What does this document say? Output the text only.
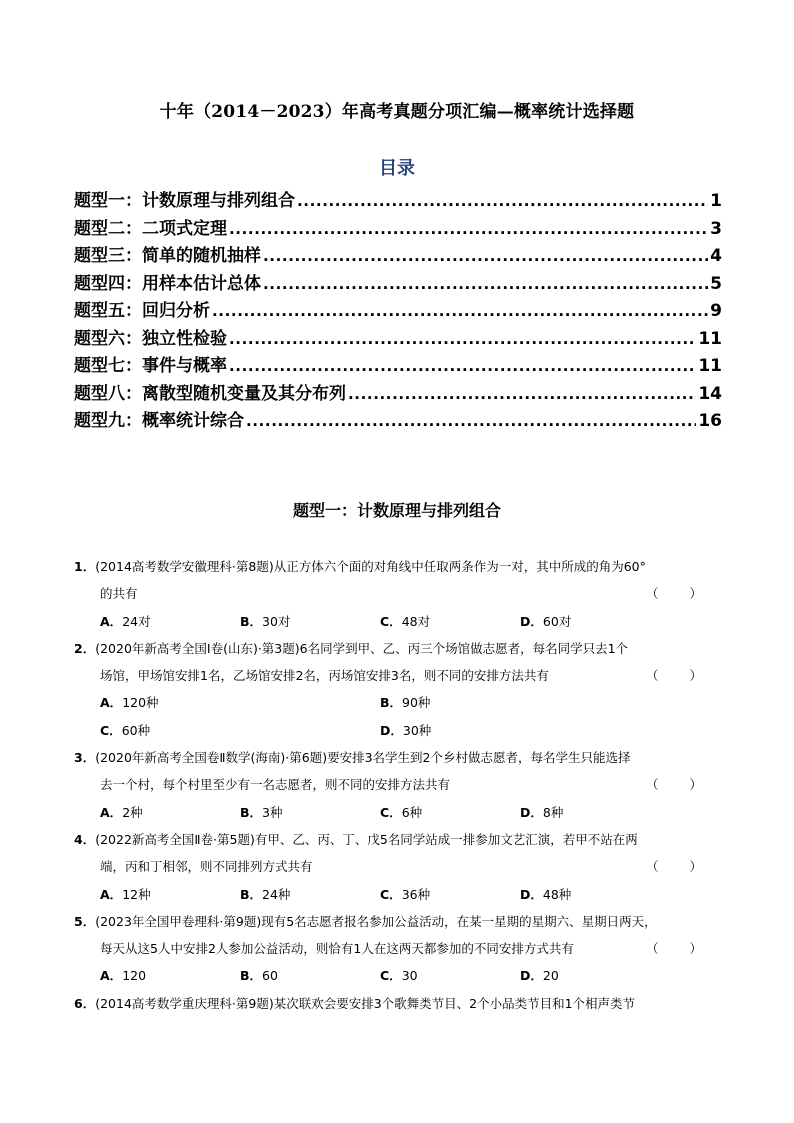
十年（2014－2023）年高考真题分项汇编—概率统计选择题
目录
题型一： 计数原理与排列组合 .....	1
题型二： 二项式定理 .....	3
题型三： 简单的随机抽样 .....	4
题型四： 用样本估计总体 .....	5
题型五： 回归分析 .....	9
题型六： 独立性检验 .....	11
题型七： 事件与概率 .....	11
题型八： 离散型随机变量及其分布列 .....	14
题型九： 概率统计综合 .....	16
题型一：计数原理与排列组合
1．(2014高考数学安徽理科·第8题)从正方体六个面的对角线中任取两条作为一对，其中所成的角为60°
的共有	（　　）
A．24对	B．30对	C．48对	D．60对
2．(2020年新高考全国Ⅰ卷(山东)·第3题)6名同学到甲、乙、丙三个场馆做志愿者，每名同学只去1个
场馆，甲场馆安排1名，乙场馆安排2名，丙场馆安排3名，则不同的安排方法共有	（　　）
A．120种	B．90种
C．60种	D．30种
3．(2020年新高考全国卷Ⅱ数学(海南)·第6题)要安排3名学生到2个乡村做志愿者，每名学生只能选择
去一个村，每个村里至少有一名志愿者，则不同的安排方法共有	（　　）
A．2种	B．3种	C．6种	D．8种
4．(2022新高考全国Ⅱ卷·第5题)有甲、乙、丙、丁、戊5名同学站成一排参加文艺汇演，若甲不站在两
端，丙和丁相邻，则不同排列方式共有	（　　）
A．12种	B．24种	C．36种	D．48种
5．(2023年全国甲卷理科·第9题)现有5名志愿者报名参加公益活动，在某一星期的星期六、星期日两天，
每天从这5人中安排2人参加公益活动，则恰有1人在这两天都参加的不同安排方式共有	（　　）
A．120	B．60	C．30	D．20
6．(2014高考数学重庆理科·第9题)某次联欢会要安排3个歌舞类节目、2个小品类节目和1个相声类节
